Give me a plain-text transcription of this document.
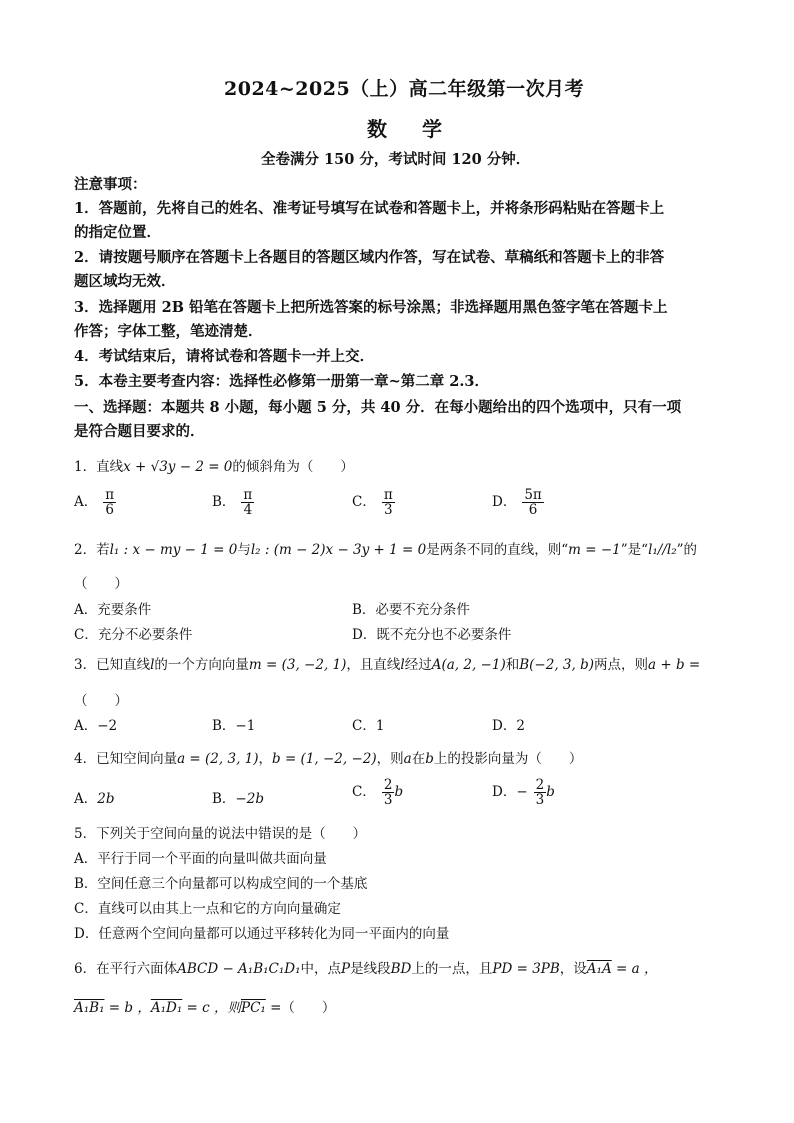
2024~2025（上）高二年级第一次月考
数 学
全卷满分 150 分，考试时间 120 分钟．
注意事项：
1．答题前，先将自己的姓名、准考证号填写在试卷和答题卡上，并将条形码粘贴在答题卡上
的指定位置．
2．请按题号顺序在答题卡上各题目的答题区域内作答，写在试卷、草稿纸和答题卡上的非答
题区域均无效．
3．选择题用 2B 铅笔在答题卡上把所选答案的标号涂黑；非选择题用黑色签字笔在答题卡上
作答；字体工整，笔迹清楚．
4．考试结束后，请将试卷和答题卡一并上交．
5．本卷主要考查内容：选择性必修第一册第一章~第二章 2.3．
一、选择题：本题共 8 小题，每小题 5 分，共 40 分．在每小题给出的四个选项中，只有一项
是符合题目要求的．
1．直线x + √3y − 2 = 0的倾斜角为（　　）
A． $\frac{\pi}{6}$	B． $\frac{\pi}{4}$	C． $\frac{\pi}{3}$	D． $\frac{5\pi}{6}$
2．若l₁ : x − my − 1 = 0与l₂ : (m − 2)x − 3y + 1 = 0是两条不同的直线，则“m = −1”是“l₁//l₂”的
（　　）
A．充要条件	B．必要不充分条件
C．充分不必要条件	D．既不充分也不必要条件
3．已知直线l的一个方向向量m = (3, −2, 1)，且直线l经过A(a, 2, −1)和B(−2, 3, b)两点，则a + b =
（　　）
A．−2	B．−1	C．1	D．2
4．已知空间向量a = (2, 3, 1)，b = (1, −2, −2)，则a在b上的投影向量为（　　）
A．2b	B．−2b	C． $\frac{2}{3}$ b	D．− $\frac{2}{3}$ b
5．下列关于空间向量的说法中错误的是（　　）
A．平行于同一个平面的向量叫做共面向量
B．空间任意三个向量都可以构成空间的一个基底
C．直线可以由其上一点和它的方向向量确定
D．任意两个空间向量都可以通过平移转化为同一平面内的向量
6．在平行六面体ABCD − A₁B₁C₁D₁中，点P是线段BD上的一点，且PD = 3PB，设A₁A = a ，
A₁B₁ = b ，A₁D₁ = c ，则PC₁ =（　　）
